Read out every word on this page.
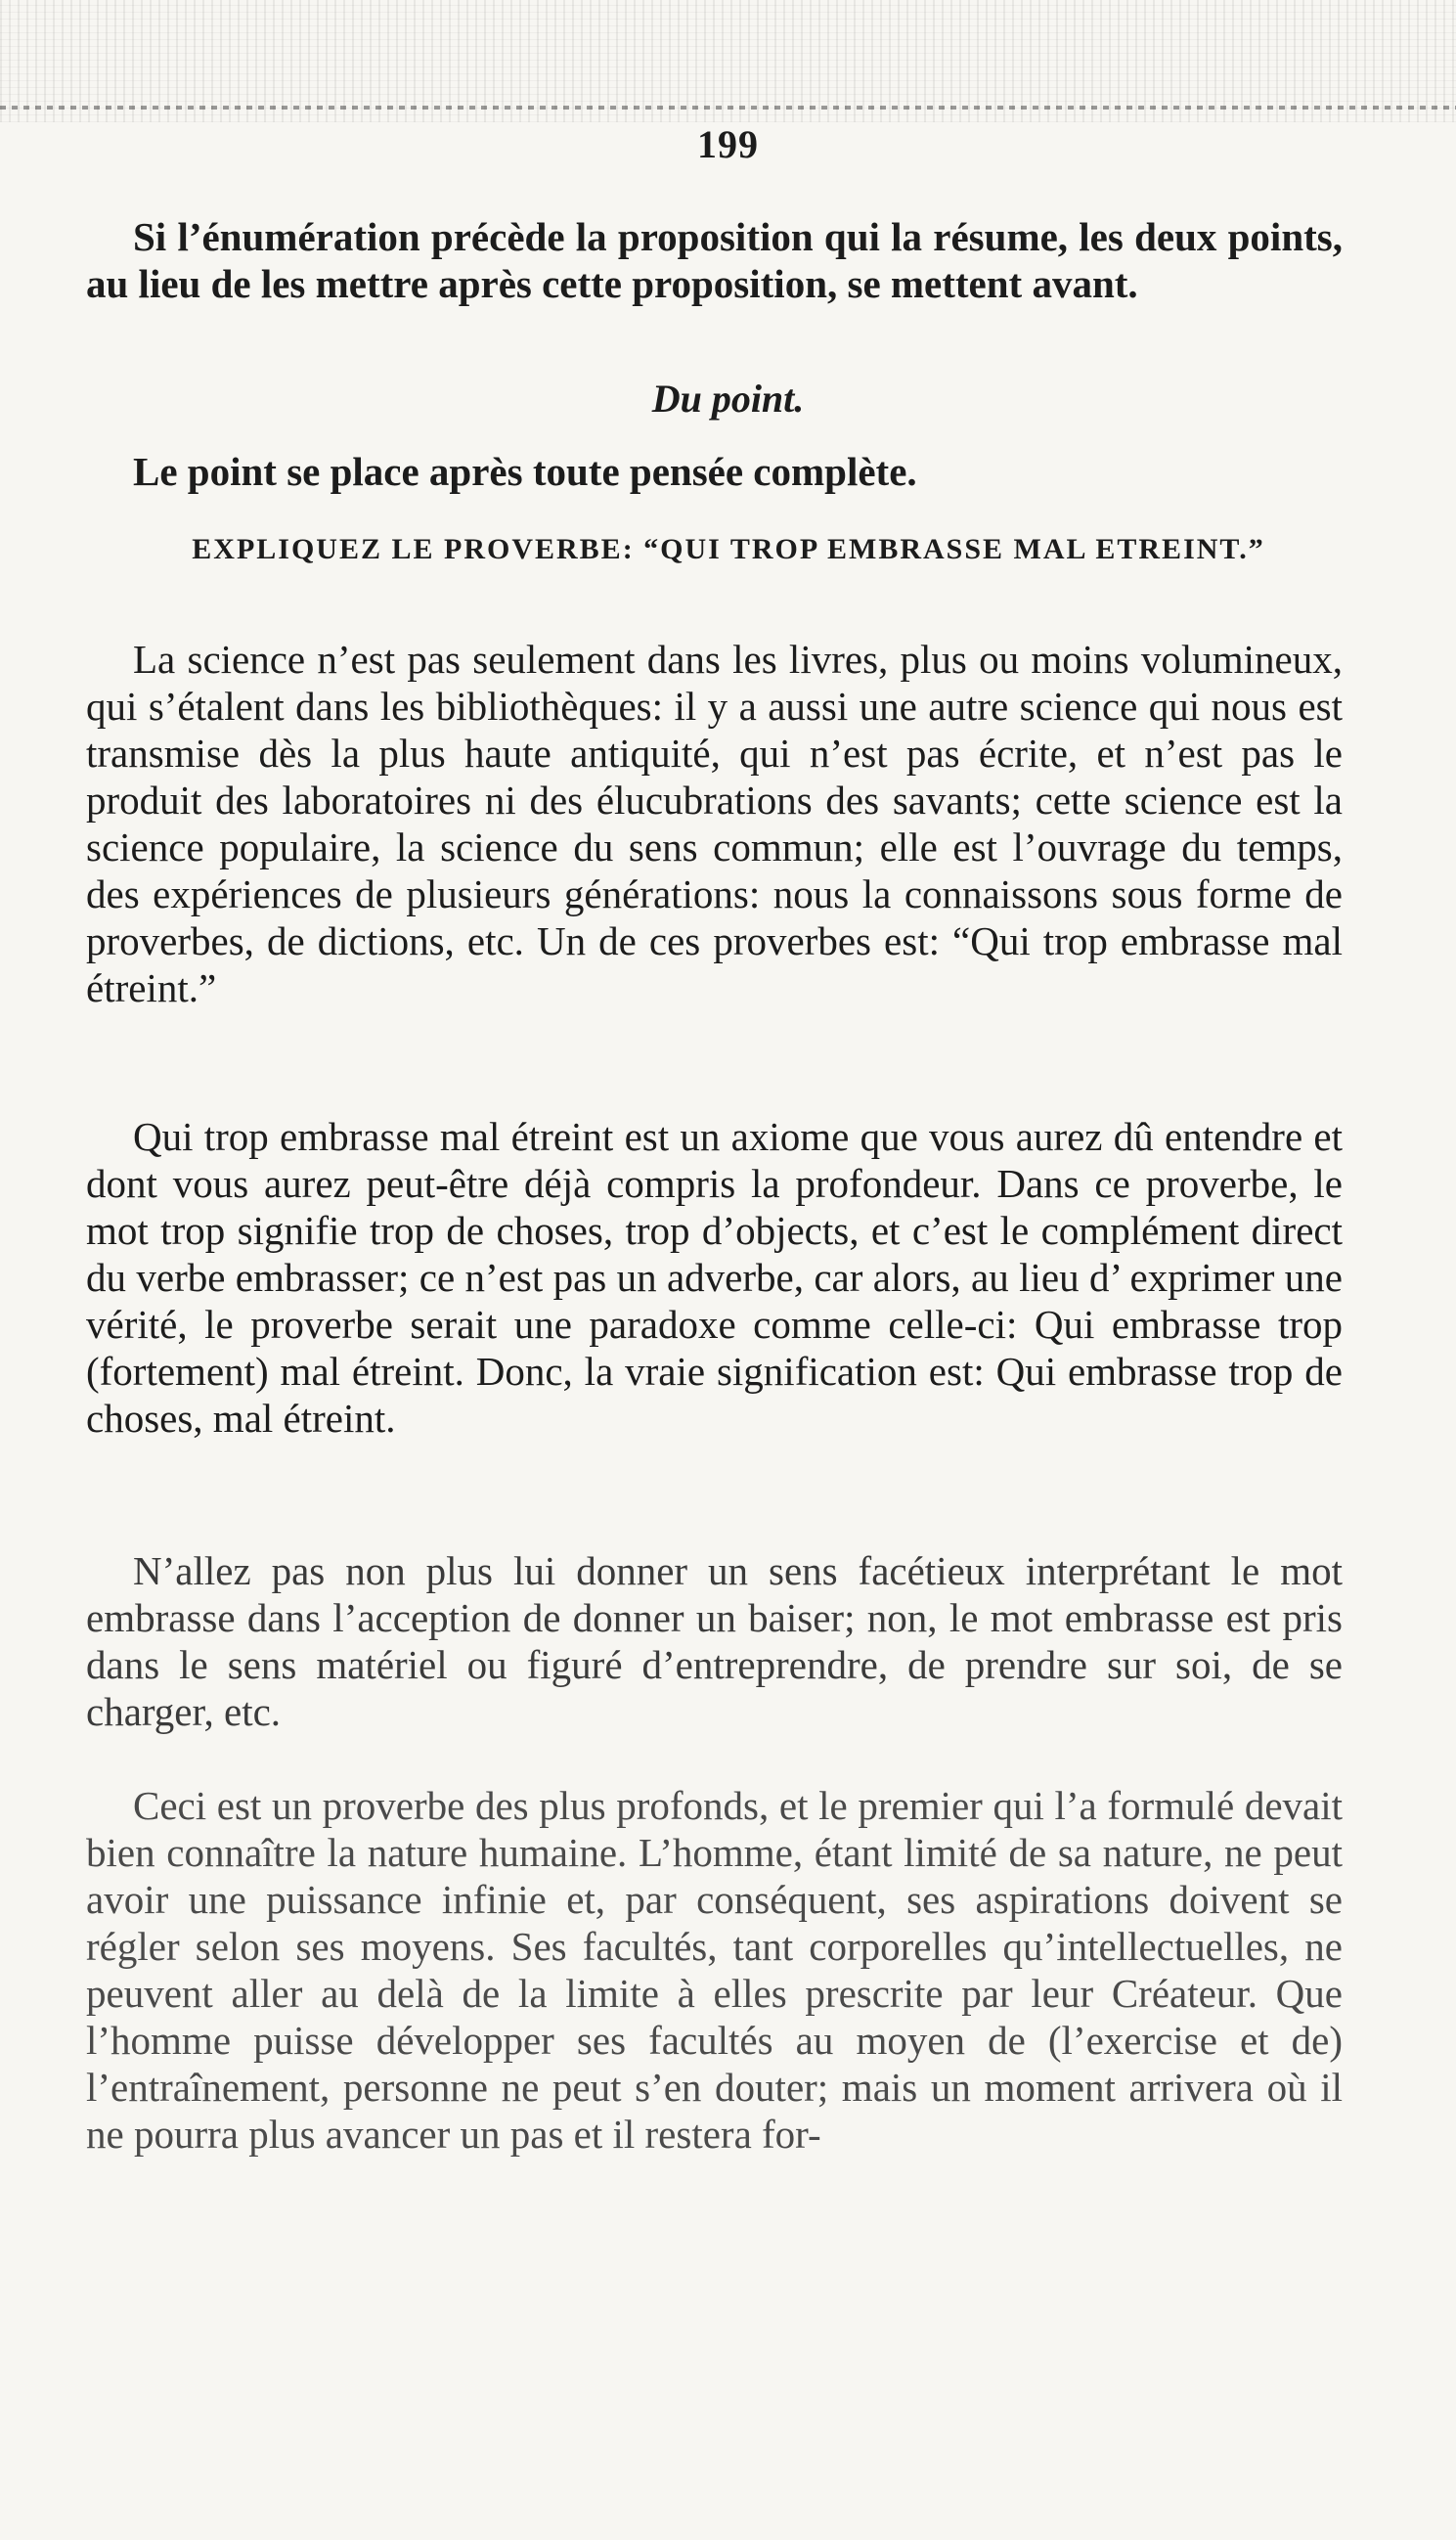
199
Si l’énumération précède la proposition qui la résume, les deux points, au lieu de les mettre après cette proposition, se mettent avant.
Du point.
Le point se place après toute pensée complète.
EXPLIQUEZ LE PROVERBE: “QUI TROP EMBRASSE MAL ETREINT.”
La science n’est pas seulement dans les livres, plus ou moins volumineux, qui s’étalent dans les bibliothèques: il y a aussi une autre science qui nous est transmise dès la plus haute antiquité, qui n’est pas écrite, et n’est pas le produit des laboratoires ni des élucubrations des savants; cette science est la science populaire, la science du sens commun; elle est l’ouvrage du temps, des expériences de plusieurs générations: nous la connaissons sous forme de proverbes, de dictions, etc. Un de ces proverbes est: “Qui trop embrasse mal étreint.”
Qui trop embrasse mal étreint est un axiome que vous aurez dû entendre et dont vous aurez peut-être déjà compris la profondeur. Dans ce proverbe, le mot trop signifie trop de choses, trop d’objects, et c’est le complément direct du verbe embrasser; ce n’est pas un adverbe, car alors, au lieu d’ exprimer une vérité, le proverbe serait une paradoxe comme celle-ci: Qui embrasse trop (fortement) mal étreint. Donc, la vraie signification est: Qui embrasse trop de choses, mal étreint.
N’allez pas non plus lui donner un sens facétieux interprétant le mot embrasse dans l’acception de donner un baiser; non, le mot embrasse est pris dans le sens matériel ou figuré d’entreprendre, de prendre sur soi, de se charger, etc.
Ceci est un proverbe des plus profonds, et le premier qui l’a formulé devait bien connaître la nature humaine. L’homme, étant limité de sa nature, ne peut avoir une puissance infinie et, par conséquent, ses aspirations doivent se régler selon ses moyens. Ses facultés, tant corporelles qu’intellectuelles, ne peuvent aller au delà de la limite à elles prescrite par leur Créateur. Que l’homme puisse développer ses facultés au moyen de (l’exercise et de) l’entraînement, personne ne peut s’en douter; mais un moment arrivera où il ne pourra plus avancer un pas et il restera for-
